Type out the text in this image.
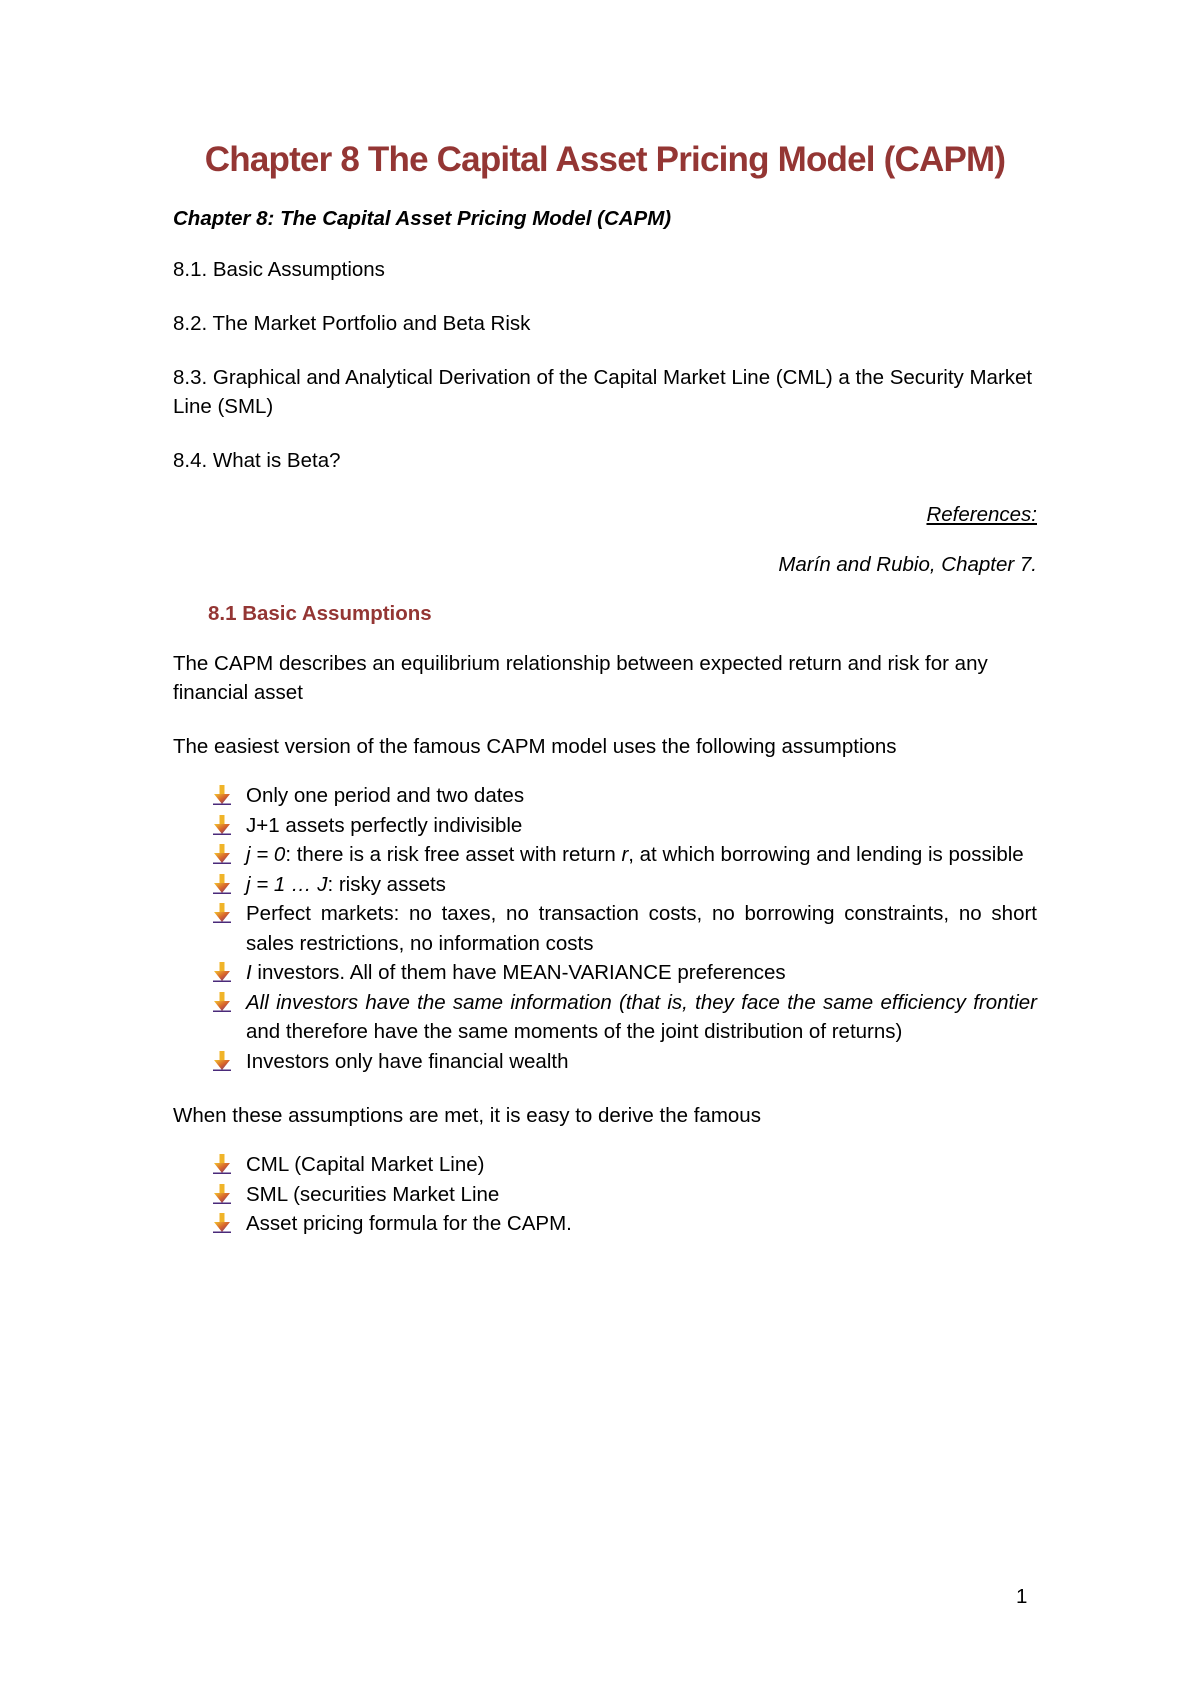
Chapter 8 The Capital Asset Pricing Model (CAPM)
Chapter 8: The Capital Asset Pricing Model (CAPM)
8.1. Basic Assumptions
8.2. The Market Portfolio and Beta Risk
8.3. Graphical and Analytical Derivation of the Capital Market Line (CML) a the Security Market Line (SML)
8.4. What is Beta?
References:
Marín and Rubio, Chapter 7.
8.1 Basic Assumptions
The CAPM describes an equilibrium relationship between expected return and risk for any financial asset
The easiest version of the famous CAPM model uses the following assumptions
Only one period and two dates
J+1 assets perfectly indivisible
j = 0: there is a risk free asset with return r, at which borrowing and lending is possible
j = 1 … J: risky assets
Perfect markets: no taxes, no transaction costs, no borrowing constraints, no short sales restrictions, no information costs
I investors. All of them have MEAN-VARIANCE preferences
All investors have the same information (that is, they face the same efficiency frontier and therefore have the same moments of the joint distribution of returns)
Investors only have financial wealth
When these assumptions are met, it is easy to derive the famous
CML (Capital Market Line)
SML (securities Market Line
Asset pricing formula for the CAPM.
1
